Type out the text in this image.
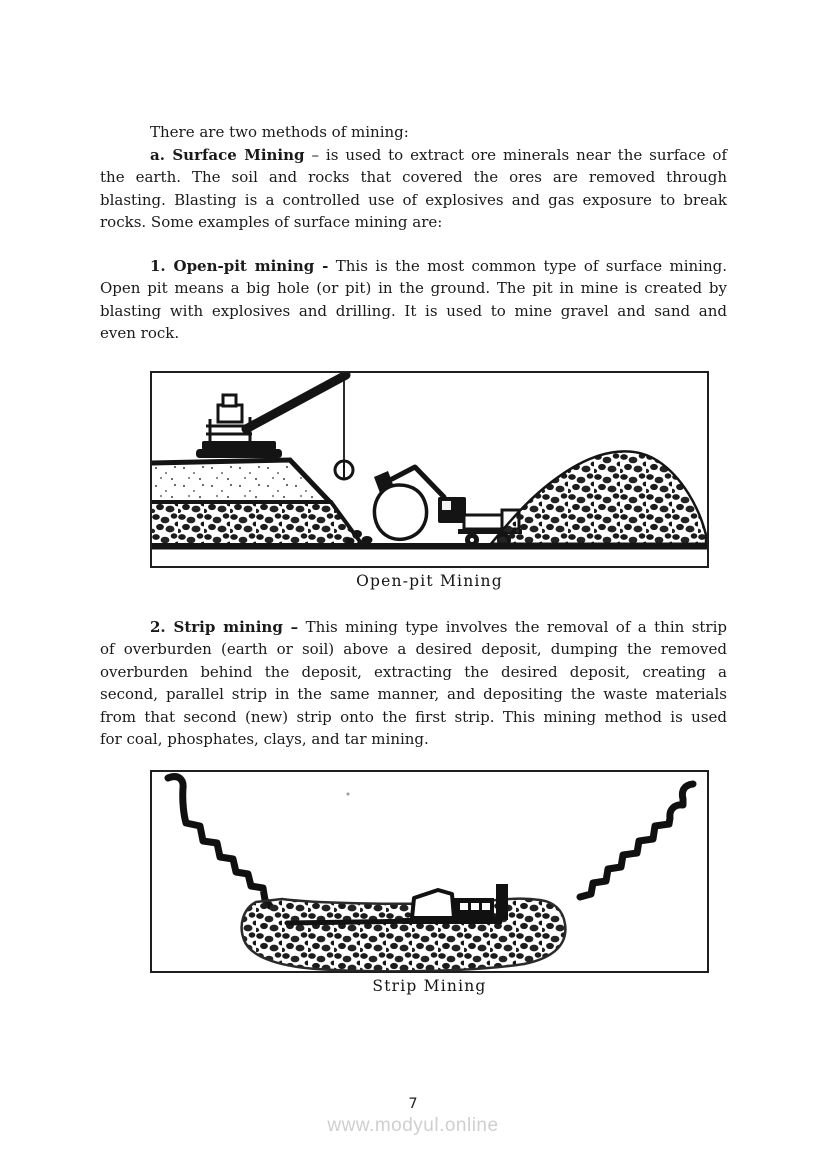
There are two methods of mining:
a. Surface Mining – is used to extract ore minerals near the surface of
the earth. The soil and rocks that covered the ores are removed through
blasting. Blasting is a controlled use of explosives and gas exposure to break
rocks. Some examples of surface mining are:
1. Open-pit mining - This is the most common type of surface mining.
Open pit means a big hole (or pit) in the ground. The pit in mine is created by
blasting with explosives and drilling. It is used to mine gravel and sand and
even rock.
Open-pit Mining
2. Strip mining – This mining type involves the removal of a thin strip
of overburden (earth or soil) above a desired deposit, dumping the removed
overburden behind the deposit, extracting the desired deposit, creating a
second, parallel strip in the same manner, and depositing the waste materials
from that second (new) strip onto the first strip. This mining method is used
for coal, phosphates, clays, and tar mining.
Strip Mining
7
www.modyul.online
